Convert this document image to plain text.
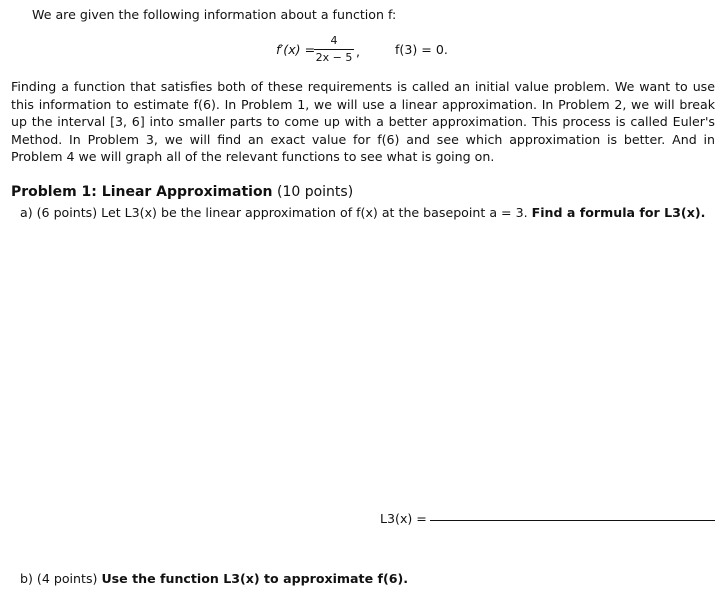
We are given the following information about a function f:
f′(x) =
$\frac{4}{2x - 5}$ ,	f(3) = 0.
Finding a function that satisfies both of these requirements is called an initial value problem. We want to use this information to estimate f(6). In Problem 1, we will use a linear approximation. In Problem 2, we will break up the interval [3, 6] into smaller parts to come up with a better approximation. This process is called Euler's Method. In Problem 3, we will find an exact value for f(6) and see which approximation is better. And in Problem 4 we will graph all of the relevant functions to see what is going on.
Problem 1: Linear Approximation (10 points)
a) (6 points) Let L3(x) be the linear approximation of f(x) at the basepoint a = 3. Find a formula for L3(x).
L3(x) =
b) (4 points) Use the function L3(x) to approximate f(6).
